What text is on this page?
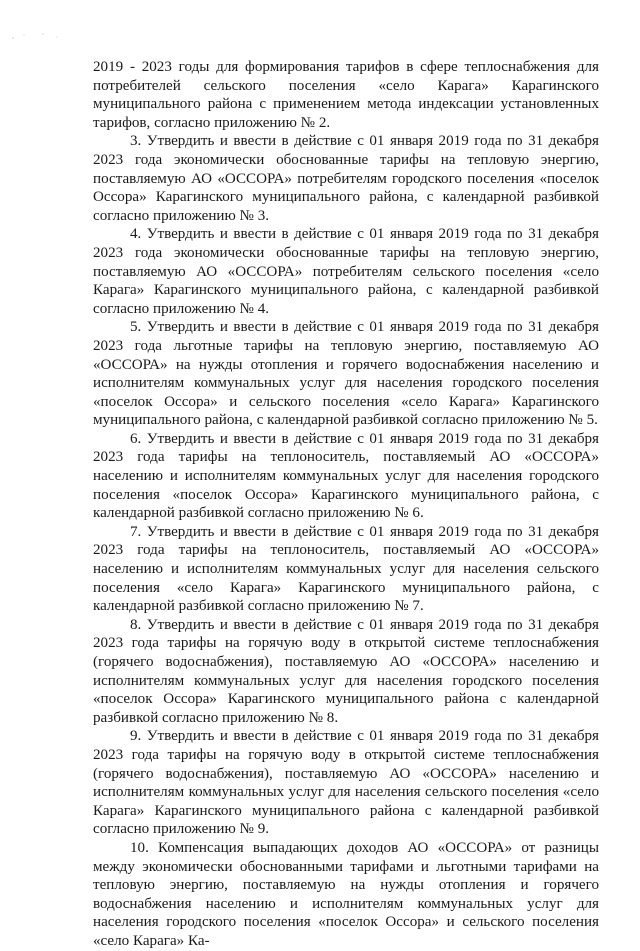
2019 - 2023 годы для формирования тарифов в сфере теплоснабжения для потребителей сельского поселения «село Карага» Карагинского муниципального района с применением метода индексации установленных тарифов, согласно приложению № 2.

3. Утвердить и ввести в действие с 01 января 2019 года по 31 декабря 2023 года экономически обоснованные тарифы на тепловую энергию, поставляемую АО «ОССОРА» потребителям городского поселения «поселок Оссора» Карагинского муниципального района, с календарной разбивкой согласно приложению № 3.

4. Утвердить и ввести в действие с 01 января 2019 года по 31 декабря 2023 года экономически обоснованные тарифы на тепловую энергию, поставляемую АО «ОССОРА» потребителям сельского поселения «село Карага» Карагинского муниципального района, с календарной разбивкой согласно приложению № 4.

5. Утвердить и ввести в действие с 01 января 2019 года по 31 декабря 2023 года льготные тарифы на тепловую энергию, поставляемую АО «ОССОРА» на нужды отопления и горячего водоснабжения населению и исполнителям коммунальных услуг для населения городского поселения «поселок Оссора» и сельского поселения «село Карага» Карагинского муниципального района, с календарной разбивкой согласно приложению № 5.

6. Утвердить и ввести в действие с 01 января 2019 года по 31 декабря 2023 года тарифы на теплоноситель, поставляемый АО «ОССОРА» населению и исполнителям коммунальных услуг для населения городского поселения «поселок Оссора» Карагинского муниципального района, с календарной разбивкой согласно приложению № 6.

7. Утвердить и ввести в действие с 01 января 2019 года по 31 декабря 2023 года тарифы на теплоноситель, поставляемый АО «ОССОРА» населению и исполнителям коммунальных услуг для населения сельского поселения «село Карага» Карагинского муниципального района, с календарной разбивкой согласно приложению № 7.

8. Утвердить и ввести в действие с 01 января 2019 года по 31 декабря 2023 года тарифы на горячую воду в открытой системе теплоснабжения (горячего водоснабжения), поставляемую АО «ОССОРА» населению и исполнителям коммунальных услуг для населения городского поселения «поселок Оссора» Карагинского муниципального района с календарной разбивкой согласно приложению № 8.

9. Утвердить и ввести в действие с 01 января 2019 года по 31 декабря 2023 года тарифы на горячую воду в открытой системе теплоснабжения (горячего водоснабжения), поставляемую АО «ОССОРА» населению и исполнителям коммунальных услуг для населения сельского поселения «село Карага» Карагинского муниципального района с календарной разбивкой согласно приложению № 9.

10. Компенсация выпадающих доходов АО «ОССОРА» от разницы между экономически обоснованными тарифами и льготными тарифами на тепловую энергию, поставляемую на нужды отопления и горячего водоснабжения населению и исполнителям коммунальных услуг для населения городского поселения «поселок Оссора» и сельского поселения «село Карага» Ка-
